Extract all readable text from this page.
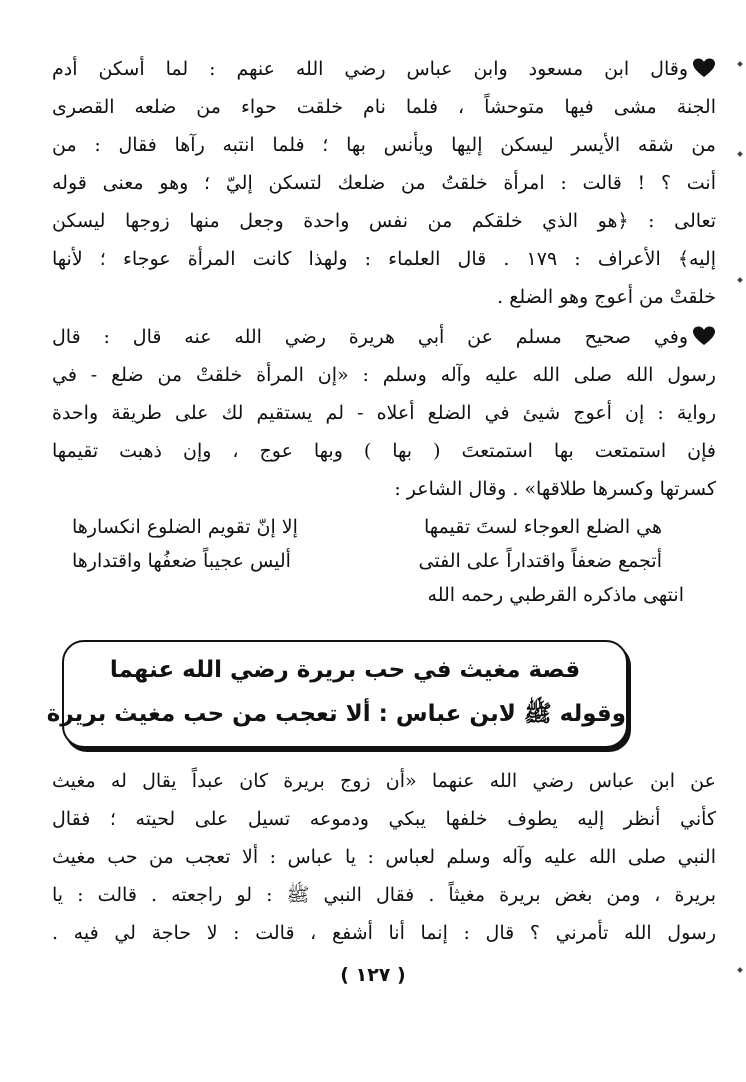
وقال ابن مسعود وابن عباس رضي الله عنهم : لما أسكن أدم
الجنة مشى فيها متوحشاً ، فلما نام خلقت حواء من ضلعه القصرى
من شقه الأيسر ليسكن إليها ويأنس بها ؛ فلما انتبه رآها فقال : من
أنت ؟ ! قالت : امرأة خلقتُ من ضلعك لتسكن إليّ ؛ وهو معنى قوله
تعالى : ﴿هو الذي خلقكم من نفس واحدة وجعل منها زوجها ليسكن
إليه﴾ الأعراف : ١٧٩ . قال العلماء : ولهذا كانت المرأة عوجاء ؛ لأنها
خلقتْ من أعوج وهو الضلع .
وفي صحيح مسلم عن أبي هريرة رضي الله عنه قال : قال
رسول الله صلى الله عليه وآله وسلم : «إن المرأة خلقتْ من ضلع - في
رواية : إن أعوج شيئ في الضلع أعلاه - لم يستقيم لك على طريقة واحدة
فإن استمتعت بها استمتعتَ ( بها ) وبها عوج ، وإن ذهبت تقيمها
كسرتها وكسرها طلاقها» . وقال الشاعر :
هي الضلع العوجاء لستَ تقيمها
إلا إنّ تقويم الضلوع انكسارها
أتجمع ضعفاً واقتداراً على الفتى
أليس عجيباً ضعفُها واقتدارها
انتهى ماذكره القرطبي رحمه الله
قصة مغيث في حب بريرة رضي الله عنهما
وقوله ﷺ لابن عباس : ألا تعجب من حب مغيث بريرة
عن ابن عباس رضي الله عنهما «أن زوج بريرة كان عبداً يقال له مغيث
كأني أنظر إليه يطوف خلفها يبكي ودموعه تسيل على لحيته ؛ فقال
النبي صلى الله عليه وآله وسلم لعباس : يا عباس : ألا تعجب من حب مغيث
بريرة ، ومن بغض بريرة مغيثاً . فقال النبي ﷺ : لو راجعته . قالت : يا
رسول الله تأمرني ؟ قال : إنما أنا أشفع ، قالت : لا حاجة لي فيه .
( ١٢٧ )
